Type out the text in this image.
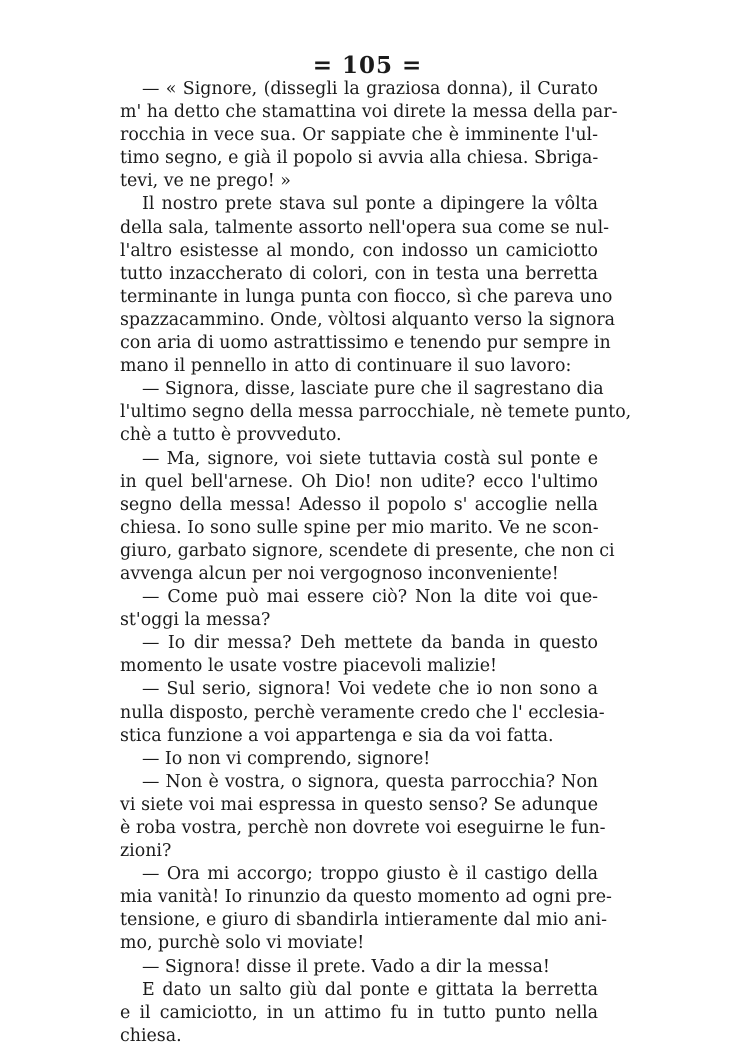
= 105 =
— « Signore, (dissegli la graziosa donna), il Curato
m' ha detto che stamattina voi direte la messa della par-
rocchia in vece sua. Or sappiate che è imminente l'ul-
timo segno, e già il popolo si avvia alla chiesa. Sbriga-
tevi, ve ne prego! »
Il nostro prete stava sul ponte a dipingere la vôlta
della sala, talmente assorto nell'opera sua come se nul-
l'altro esistesse al mondo, con indosso un camiciotto
tutto inzaccherato di colori, con in testa una berretta
terminante in lunga punta con fiocco, sì che pareva uno
spazzacammino. Onde, vòltosi alquanto verso la signora
con aria di uomo astrattissimo e tenendo pur sempre in
mano il pennello in atto di continuare il suo lavoro:
— Signora, disse, lasciate pure che il sagrestano dia
l'ultimo segno della messa parrocchiale, nè temete punto,
chè a tutto è provveduto.
— Ma, signore, voi siete tuttavia costà sul ponte e
in quel bell'arnese. Oh Dio! non udite? ecco l'ultimo
segno della messa! Adesso il popolo s' accoglie nella
chiesa. Io sono sulle spine per mio marito. Ve ne scon-
giuro, garbato signore, scendete di presente, che non ci
avvenga alcun per noi vergognoso inconveniente!
— Come può mai essere ciò? Non la dite voi que-
st'oggi la messa?
— Io dir messa? Deh mettete da banda in questo
momento le usate vostre piacevoli malizie!
— Sul serio, signora! Voi vedete che io non sono a
nulla disposto, perchè veramente credo che l' ecclesia-
stica funzione a voi appartenga e sia da voi fatta.
— Io non vi comprendo, signore!
— Non è vostra, o signora, questa parrocchia? Non
vi siete voi mai espressa in questo senso? Se adunque
è roba vostra, perchè non dovrete voi eseguirne le fun-
zioni?
— Ora mi accorgo; troppo giusto è il castigo della
mia vanità! Io rinunzio da questo momento ad ogni pre-
tensione, e giuro di sbandirla intieramente dal mio ani-
mo, purchè solo vi moviate!
— Signora! disse il prete. Vado a dir la messa!
E dato un salto giù dal ponte e gittata la berretta
e il camiciotto, in un attimo fu in tutto punto nella
chiesa.
